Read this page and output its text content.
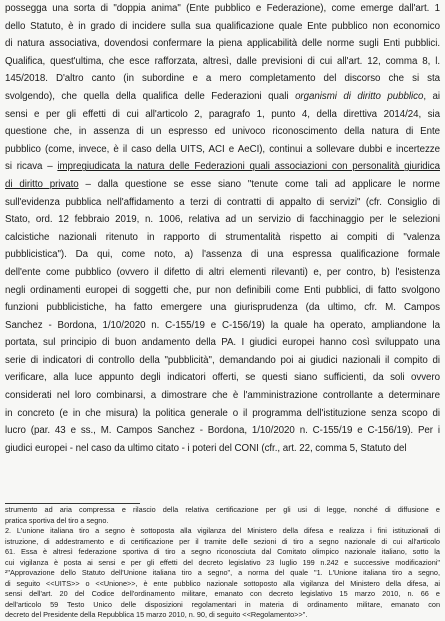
possegga una sorta di "doppia anima" (Ente pubblico e Federazione), come emerge dall'art. 1
dello Statuto, è in grado di incidere sulla sua qualificazione quale Ente pubblico non economico
di natura associativa, dovendosi confermare la piena applicabilità delle norme sugli Enti pubblici.
Qualifica, quest'ultima, che esce rafforzata, altresì, dalle previsioni di cui all'art. 12, comma 8, l.
145/2018. D'altro canto (in subordine e a mero completamento del discorso che si sta
svolgendo), che quella della qualifica delle Federazioni quali organismi di diritto pubblico, ai
sensi e per gli effetti di cui all'articolo 2, paragrafo 1, punto 4, della direttiva 2014/24, sia
questione che, in assenza di un espresso ed univoco riconoscimento della natura di Ente
pubblico (come, invece, è il caso della UITS, ACI e AeCI), continui a sollevare dubbi e incertezze
si ricava – impregiudicata la natura delle Federazioni quali associazioni con personalità giuridica
di diritto privato – dalla questione se esse siano "tenute come tali ad applicare le norme
sull'evidenza pubblica nell'affidamento a terzi di contratti di appalto di servizi" (cfr. Consiglio di
Stato, ord. 12 febbraio 2019, n. 1006, relativa ad un servizio di facchinaggio per le selezioni
calcistiche nazionali ritenuto in rapporto di strumentalità rispetto ai compiti di "valenza
pubblicistica"). Da qui, come noto, a) l'assenza di una espressa qualificazione formale
dell'ente come pubblico (ovvero il difetto di altri elementi rilevanti) e, per contro, b) l'esistenza
negli ordinamenti europei di soggetti che, pur non definibili come Enti pubblici, di fatto svolgono
funzioni pubblicistiche, ha fatto emergere una giurisprudenza (da ultimo, cfr. M. Campos
Sanchez - Bordona, 1/10/2020 n. C-155/19 e C-156/19) la quale ha operato, ampliandone la
portata, sul principio di buon andamento della PA. I giudici europei hanno così sviluppato una
serie di indicatori di controllo della "pubblicità", demandando poi ai giudici nazionali il compito di
verificare, alla luce appunto degli indicatori offerti, se questi siano sufficienti, da soli ovvero
considerati nel loro combinarsi, a dimostrare che è l'amministrazione controllante a determinare
in concreto (e in che misura) la politica generale o il programma dell'istituzione senza scopo di
lucro (par. 43 e ss., M. Campos Sanchez - Bordona, 1/10/2020 n. C-155/19 e C-156/19). Per i
giudici europei - nel caso da ultimo citato - i poteri del CONI (cfr., art. 22, comma 5, Statuto del
strumento ad aria compressa e rilascio della relativa certificazione per gli usi di legge, nonché di diffusione e
pratica sportiva del tiro a segno.
2. L'unione italiana tiro a segno è sottoposta alla vigilanza del Ministero della difesa e realizza i fini istituzionali di
istruzione, di addestramento e di certificazione per il tramite delle sezioni di tiro a segno nazionale di cui all'articolo
61. Essa è altresì federazione sportiva di tiro a segno riconosciuta dal Comitato olimpico nazionale italiano, sotto la
cui vigilanza è posta ai sensi e per gli effetti del decreto legislativo 23 luglio 199 n.242 e successive modificazioni"
²"Approvazione dello Statuto dell'Unione italiana tiro a segno", a norma del quale "1. L'Unione italiana tiro a segno,
di seguito <<UITS>> o <<Unione>>, è ente pubblico nazionale sottoposto alla vigilanza del Ministero della difesa, ai
sensi dell'art. 20 del Codice dell'ordinamento militare, emanato con decreto legislativo 15 marzo 2010, n. 66 e
dell'articolo 59 Testo Unico delle disposizioni regolamentari in materia di ordinamento militare, emanato con
decreto del Presidente della Repubblica 15 marzo 2010, n. 90, di seguito <<Regolamento>>".
